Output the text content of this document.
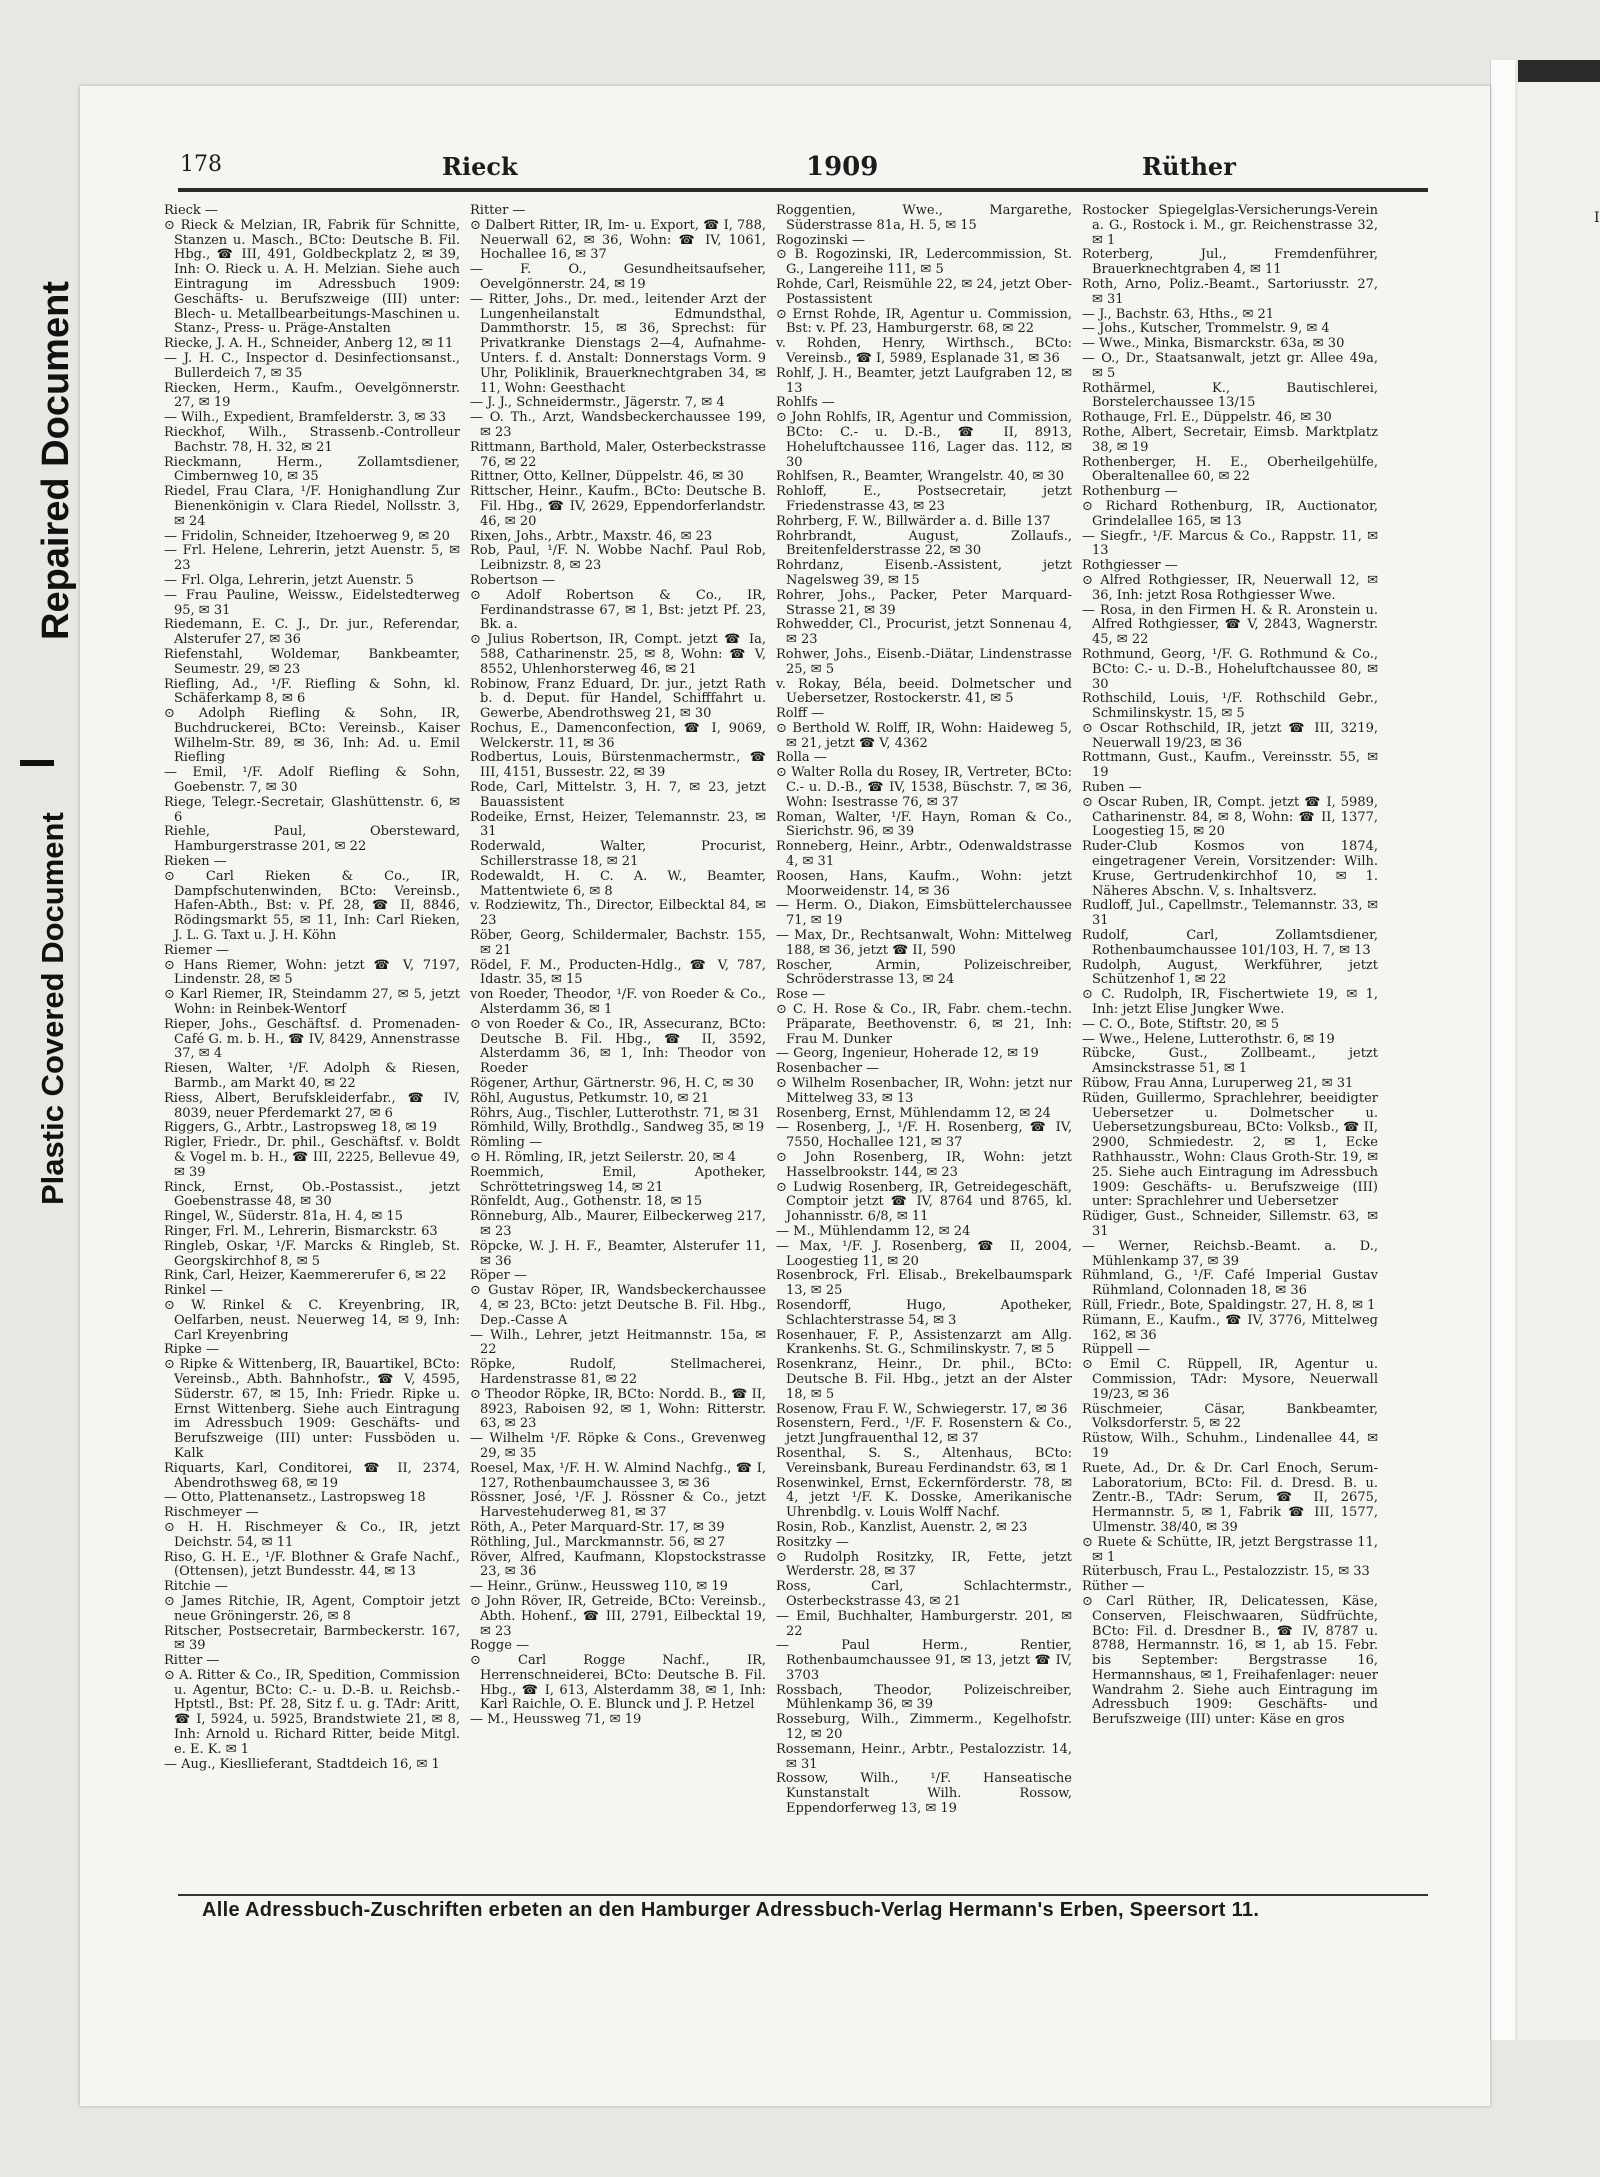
Repaired Document
Plastic Covered Document
I
178	Rieck	1909	Rüther

Rieck —

⊙ Rieck & Melzian, IR, Fabrik für Schnitte, Stanzen u. Masch., BCto: Deutsche B. Fil. Hbg., ☎ III, 491, Goldbeckplatz 2, ✉ 39, Inh: O. Rieck u. A. H. Melzian. Siehe auch Eintragung im Adressbuch 1909: Geschäfts- u. Berufszweige (III) unter: Blech- u. Metallbearbeitungs-Maschinen u. Stanz-, Press- u. Präge-Anstalten

Riecke, J. A. H., Schneider, Anberg 12, ✉ 11

— J. H. C., Inspector d. Desinfectionsanst., Bullerdeich 7, ✉ 35

Riecken, Herm., Kaufm., Oevelgönnerstr. 27, ✉ 19

— Wilh., Expedient, Bramfelderstr. 3, ✉ 33

Rieckhof, Wilh., Strassenb.-Controlleur Bachstr. 78, H. 32, ✉ 21

Rieckmann, Herm., Zollamtsdiener, Cimbernweg 10, ✉ 35

Riedel, Frau Clara, ¹/F. Honighandlung Zur Bienenkönigin v. Clara Riedel, Nollsstr. 3, ✉ 24

— Fridolin, Schneider, Itzehoerweg 9, ✉ 20

— Frl. Helene, Lehrerin, jetzt Auenstr. 5, ✉ 23

— Frl. Olga, Lehrerin, jetzt Auenstr. 5

— Frau Pauline, Weissw., Eidelstedterweg 95, ✉ 31

Riedemann, E. C. J., Dr. jur., Referendar, Alsterufer 27, ✉ 36

Riefenstahl, Woldemar, Bankbeamter, Seumestr. 29, ✉ 23

Riefling, Ad., ¹/F. Riefling & Sohn, kl. Schäferkamp 8, ✉ 6

⊙ Adolph Riefling & Sohn, IR, Buchdruckerei, BCto: Vereinsb., Kaiser Wilhelm-Str. 89, ✉ 36, Inh: Ad. u. Emil Riefling

— Emil, ¹/F. Adolf Riefling & Sohn, Goebenstr. 7, ✉ 30

Riege, Telegr.-Secretair, Glashüttenstr. 6, ✉ 6

Riehle, Paul, Obersteward, Hamburgerstrasse 201, ✉ 22

Rieken —

⊙ Carl Rieken & Co., IR, Dampfschutenwinden, BCto: Vereinsb., Hafen-Abth., Bst: v. Pf. 28, ☎ II, 8846, Rödingsmarkt 55, ✉ 11, Inh: Carl Rieken, J. L. G. Taxt u. J. H. Köhn

Riemer —

⊙ Hans Riemer, Wohn: jetzt ☎ V, 7197, Lindenstr. 28, ✉ 5

⊙ Karl Riemer, IR, Steindamm 27, ✉ 5, jetzt Wohn: in Reinbek-Wentorf

Rieper, Johs., Geschäftsf. d. Promenaden-Café G. m. b. H., ☎ IV, 8429, Annenstrasse 37, ✉ 4

Riesen, Walter, ¹/F. Adolph & Riesen, Barmb., am Markt 40, ✉ 22

Riess, Albert, Berufskleiderfabr., ☎ IV, 8039, neuer Pferdemarkt 27, ✉ 6

Riggers, G., Arbtr., Lastropsweg 18, ✉ 19

Rigler, Friedr., Dr. phil., Geschäftsf. v. Boldt & Vogel m. b. H., ☎ III, 2225, Bellevue 49, ✉ 39

Rinck, Ernst, Ob.-Postassist., jetzt Goebenstrasse 48, ✉ 30

Ringel, W., Süderstr. 81a, H. 4, ✉ 15

Ringer, Frl. M., Lehrerin, Bismarckstr. 63

Ringleb, Oskar, ¹/F. Marcks & Ringleb, St. Georgskirchhof 8, ✉ 5

Rink, Carl, Heizer, Kaemmererufer 6, ✉ 22

Rinkel —

⊙ W. Rinkel & C. Kreyenbring, IR, Oelfarben, neust. Neuerweg 14, ✉ 9, Inh: Carl Kreyenbring

Ripke —

⊙ Ripke & Wittenberg, IR, Bauartikel, BCto: Vereinsb., Abth. Bahnhofstr., ☎ V, 4595, Süderstr. 67, ✉ 15, Inh: Friedr. Ripke u. Ernst Wittenberg. Siehe auch Eintragung im Adressbuch 1909: Geschäfts- und Berufszweige (III) unter: Fussböden u. Kalk

Riquarts, Karl, Conditorei, ☎ II, 2374, Abendrothsweg 68, ✉ 19

— Otto, Plattenansetz., Lastropsweg 18

Rischmeyer —

⊙ H. H. Rischmeyer & Co., IR, jetzt Deichstr. 54, ✉ 11

Riso, G. H. E., ¹/F. Blothner & Grafe Nachf., (Ottensen), jetzt Bundesstr. 44, ✉ 13

Ritchie —

⊙ James Ritchie, IR, Agent, Comptoir jetzt neue Gröningerstr. 26, ✉ 8

Ritscher, Postsecretair, Barmbeckerstr. 167, ✉ 39

Ritter —

⊙ A. Ritter & Co., IR, Spedition, Commission u. Agentur, BCto: C.- u. D.-B. u. Reichsb.-Hptstl., Bst: Pf. 28, Sitz f. u. g. TAdr: Aritt, ☎ I, 5924, u. 5925, Brandstwiete 21, ✉ 8, Inh: Arnold u. Richard Ritter, beide Mitgl. e. E. K. ✉ 1

— Aug., Kiesllieferant, Stadtdeich 16, ✉ 1

Ritter —

⊙ Dalbert Ritter, IR, Im- u. Export, ☎ I, 788, Neuerwall 62, ✉ 36, Wohn: ☎ IV, 1061, Hochallee 16, ✉ 37

— F. O., Gesundheitsaufseher, Oevelgönnerstr. 24, ✉ 19

— Ritter, Johs., Dr. med., leitender Arzt der Lungenheilanstalt Edmundsthal, Dammthorstr. 15, ✉ 36, Sprechst: für Privatkranke Dienstags 2—4, Aufnahme-Unters. f. d. Anstalt: Donnerstags Vorm. 9 Uhr, Poliklinik, Brauerknechtgraben 34, ✉ 11, Wohn: Geesthacht

— J. J., Schneidermstr., Jägerstr. 7, ✉ 4

— O. Th., Arzt, Wandsbeckerchaussee 199, ✉ 23

Rittmann, Barthold, Maler, Osterbeckstrasse 76, ✉ 22

Rittner, Otto, Kellner, Düppelstr. 46, ✉ 30

Rittscher, Heinr., Kaufm., BCto: Deutsche B. Fil. Hbg., ☎ IV, 2629, Eppendorferlandstr. 46, ✉ 20

Rixen, Johs., Arbtr., Maxstr. 46, ✉ 23

Rob, Paul, ¹/F. N. Wobbe Nachf. Paul Rob, Leibnizstr. 8, ✉ 23

Robertson —

⊙ Adolf Robertson & Co., IR, Ferdinandstrasse 67, ✉ 1, Bst: jetzt Pf. 23, Bk. a.

⊙ Julius Robertson, IR, Compt. jetzt ☎ Ia, 588, Catharinenstr. 25, ✉ 8, Wohn: ☎ V, 8552, Uhlenhorsterweg 46, ✉ 21

Robinow, Franz Eduard, Dr. jur., jetzt Rath b. d. Deput. für Handel, Schifffahrt u. Gewerbe, Abendrothsweg 21, ✉ 30

Rochus, E., Damenconfection, ☎ I, 9069, Welckerstr. 11, ✉ 36

Rodbertus, Louis, Bürstenmachermstr., ☎ III, 4151, Bussestr. 22, ✉ 39

Rode, Carl, Mittelstr. 3, H. 7, ✉ 23, jetzt Bauassistent

Rodeike, Ernst, Heizer, Telemannstr. 23, ✉ 31

Roderwald, Walter, Procurist, Schillerstrasse 18, ✉ 21

Rodewaldt, H. C. A. W., Beamter, Mattentwiete 6, ✉ 8

v. Rodziewitz, Th., Director, Eilbecktal 84, ✉ 23

Röber, Georg, Schildermaler, Bachstr. 155, ✉ 21

Rödel, F. M., Producten-Hdlg., ☎ V, 787, Idastr. 35, ✉ 15

von Roeder, Theodor, ¹/F. von Roeder & Co., Alsterdamm 36, ✉ 1

⊙ von Roeder & Co., IR, Assecuranz, BCto: Deutsche B. Fil. Hbg., ☎ II, 3592, Alsterdamm 36, ✉ 1, Inh: Theodor von Roeder

Rögener, Arthur, Gärtnerstr. 96, H. C, ✉ 30

Röhl, Augustus, Petkumstr. 10, ✉ 21

Röhrs, Aug., Tischler, Lutterothstr. 71, ✉ 31

Römhild, Willy, Brothdlg., Sandweg 35, ✉ 19

Römling —

⊙ H. Römling, IR, jetzt Seilerstr. 20, ✉ 4

Roemmich, Emil, Apotheker, Schröttetringsweg 14, ✉ 21

Rönfeldt, Aug., Gothenstr. 18, ✉ 15

Rönneburg, Alb., Maurer, Eilbeckerweg 217, ✉ 23

Röpcke, W. J. H. F., Beamter, Alsterufer 11, ✉ 36

Röper —

⊙ Gustav Röper, IR, Wandsbeckerchaussee 4, ✉ 23, BCto: jetzt Deutsche B. Fil. Hbg., Dep.-Casse A

— Wilh., Lehrer, jetzt Heitmannstr. 15a, ✉ 22

Röpke, Rudolf, Stellmacherei, Hardenstrasse 81, ✉ 22

⊙ Theodor Röpke, IR, BCto: Nordd. B., ☎ II, 8923, Raboisen 92, ✉ 1, Wohn: Ritterstr. 63, ✉ 23

— Wilhelm ¹/F. Röpke & Cons., Grevenweg 29, ✉ 35

Roesel, Max, ¹/F. H. W. Almind Nachfg., ☎ I, 127, Rothenbaumchaussee 3, ✉ 36

Rössner, José, ¹/F. J. Rössner & Co., jetzt Harvestehuderweg 81, ✉ 37

Röth, A., Peter Marquard-Str. 17, ✉ 39

Röthling, Jul., Marckmannstr. 56, ✉ 27

Röver, Alfred, Kaufmann, Klopstockstrasse 23, ✉ 36

— Heinr., Grünw., Heussweg 110, ✉ 19

⊙ John Röver, IR, Getreide, BCto: Vereinsb., Abth. Hohenf., ☎ III, 2791, Eilbecktal 19, ✉ 23

Rogge —

⊙ Carl Rogge Nachf., IR, Herrenschneiderei, BCto: Deutsche B. Fil. Hbg., ☎ I, 613, Alsterdamm 38, ✉ 1, Inh: Karl Raichle, O. E. Blunck und J. P. Hetzel

— M., Heussweg 71, ✉ 19

Roggentien, Wwe., Margarethe, Süderstrasse 81a, H. 5, ✉ 15

Rogozinski —

⊙ B. Rogozinski, IR, Ledercommission, St. G., Langereihe 111, ✉ 5

Rohde, Carl, Reismühle 22, ✉ 24, jetzt Ober-Postassistent

⊙ Ernst Rohde, IR, Agentur u. Commission, Bst: v. Pf. 23, Hamburgerstr. 68, ✉ 22

v. Rohden, Henry, Wirthsch., BCto: Vereinsb., ☎ I, 5989, Esplanade 31, ✉ 36

Rohlf, J. H., Beamter, jetzt Laufgraben 12, ✉ 13

Rohlfs —

⊙ John Rohlfs, IR, Agentur und Commission, BCto: C.- u. D.-B., ☎ II, 8913, Hoheluftchaussee 116, Lager das. 112, ✉ 30

Rohlfsen, R., Beamter, Wrangelstr. 40, ✉ 30

Rohloff, E., Postsecretair, jetzt Friedenstrasse 43, ✉ 23

Rohrberg, F. W., Billwärder a. d. Bille 137

Rohrbrandt, August, Zollaufs., Breitenfelderstrasse 22, ✉ 30

Rohrdanz, Eisenb.-Assistent, jetzt Nagelsweg 39, ✉ 15

Rohrer, Johs., Packer, Peter Marquard-Strasse 21, ✉ 39

Rohwedder, Cl., Procurist, jetzt Sonnenau 4, ✉ 23

Rohwer, Johs., Eisenb.-Diätar, Lindenstrasse 25, ✉ 5

v. Rokay, Béla, beeid. Dolmetscher und Uebersetzer, Rostockerstr. 41, ✉ 5

Rolff —

⊙ Berthold W. Rolff, IR, Wohn: Haideweg 5, ✉ 21, jetzt ☎ V, 4362

Rolla —

⊙ Walter Rolla du Rosey, IR, Vertreter, BCto: C.- u. D.-B., ☎ IV, 1538, Büschstr. 7, ✉ 36, Wohn: Isestrasse 76, ✉ 37

Roman, Walter, ¹/F. Hayn, Roman & Co., Sierichstr. 96, ✉ 39

Ronneberg, Heinr., Arbtr., Odenwaldstrasse 4, ✉ 31

Roosen, Hans, Kaufm., Wohn: jetzt Moorweidenstr. 14, ✉ 36

— Herm. O., Diakon, Eimsbüttelerchaussee 71, ✉ 19

— Max, Dr., Rechtsanwalt, Wohn: Mittelweg 188, ✉ 36, jetzt ☎ II, 590

Roscher, Armin, Polizeischreiber, Schröderstrasse 13, ✉ 24

Rose —

⊙ C. H. Rose & Co., IR, Fabr. chem.-techn. Präparate, Beethovenstr. 6, ✉ 21, Inh: Frau M. Dunker

— Georg, Ingenieur, Hoherade 12, ✉ 19

Rosenbacher —

⊙ Wilhelm Rosenbacher, IR, Wohn: jetzt nur Mittelweg 33, ✉ 13

Rosenberg, Ernst, Mühlendamm 12, ✉ 24

— Rosenberg, J., ¹/F. H. Rosenberg, ☎ IV, 7550, Hochallee 121, ✉ 37

⊙ John Rosenberg, IR, Wohn: jetzt Hasselbrookstr. 144, ✉ 23

⊙ Ludwig Rosenberg, IR, Getreidegeschäft, Comptoir jetzt ☎ IV, 8764 und 8765, kl. Johannisstr. 6/8, ✉ 11

— M., Mühlendamm 12, ✉ 24

— Max, ¹/F. J. Rosenberg, ☎ II, 2004, Loogestieg 11, ✉ 20

Rosenbrock, Frl. Elisab., Brekelbaumspark 13, ✉ 25

Rosendorff, Hugo, Apotheker, Schlachterstrasse 54, ✉ 3

Rosenhauer, F. P., Assistenzarzt am Allg. Krankenhs. St. G., Schmilinskystr. 7, ✉ 5

Rosenkranz, Heinr., Dr. phil., BCto: Deutsche B. Fil. Hbg., jetzt an der Alster 18, ✉ 5

Rosenow, Frau F. W., Schwiegerstr. 17, ✉ 36

Rosenstern, Ferd., ¹/F. F. Rosenstern & Co., jetzt Jungfrauenthal 12, ✉ 37

Rosenthal, S. S., Altenhaus, BCto: Vereinsbank, Bureau Ferdinandstr. 63, ✉ 1

Rosenwinkel, Ernst, Eckernförderstr. 78, ✉ 4, jetzt ¹/F. K. Dosske, Amerikanische Uhrenbdlg. v. Louis Wolff Nachf.

Rosin, Rob., Kanzlist, Auenstr. 2, ✉ 23

Rositzky —

⊙ Rudolph Rositzky, IR, Fette, jetzt Werderstr. 28, ✉ 37

Ross, Carl, Schlachtermstr., Osterbeckstrasse 43, ✉ 21

— Emil, Buchhalter, Hamburgerstr. 201, ✉ 22

— Paul Herm., Rentier, Rothenbaumchaussee 91, ✉ 13, jetzt ☎ IV, 3703

Rossbach, Theodor, Polizeischreiber, Mühlenkamp 36, ✉ 39

Rosseburg, Wilh., Zimmerm., Kegelhofstr. 12, ✉ 20

Rossemann, Heinr., Arbtr., Pestalozzistr. 14, ✉ 31

Rossow, Wilh., ¹/F. Hanseatische Kunstanstalt Wilh. Rossow, Eppendorferweg 13, ✉ 19

Rostocker Spiegelglas-Versicherungs-Verein a. G., Rostock i. M., gr. Reichenstrasse 32, ✉ 1

Roterberg, Jul., Fremdenführer, Brauerknechtgraben 4, ✉ 11

Roth, Arno, Poliz.-Beamt., Sartoriusstr. 27, ✉ 31

— J., Bachstr. 63, Hths., ✉ 21

— Johs., Kutscher, Trommelstr. 9, ✉ 4

— Wwe., Minka, Bismarckstr. 63a, ✉ 30

— O., Dr., Staatsanwalt, jetzt gr. Allee 49a, ✉ 5

Rothärmel, K., Bautischlerei, Borstelerchaussee 13/15

Rothauge, Frl. E., Düppelstr. 46, ✉ 30

Rothe, Albert, Secretair, Eimsb. Marktplatz 38, ✉ 19

Rothenberger, H. E., Oberheilgehülfe, Oberaltenallee 60, ✉ 22

Rothenburg —

⊙ Richard Rothenburg, IR, Auctionator, Grindelallee 165, ✉ 13

— Siegfr., ¹/F. Marcus & Co., Rappstr. 11, ✉ 13

Rothgiesser —

⊙ Alfred Rothgiesser, IR, Neuerwall 12, ✉ 36, Inh: jetzt Rosa Rothgiesser Wwe.

— Rosa, in den Firmen H. & R. Aronstein u. Alfred Rothgiesser, ☎ V, 2843, Wagnerstr. 45, ✉ 22

Rothmund, Georg, ¹/F. G. Rothmund & Co., BCto: C.- u. D.-B., Hoheluftchaussee 80, ✉ 30

Rothschild, Louis, ¹/F. Rothschild Gebr., Schmilinskystr. 15, ✉ 5

⊙ Oscar Rothschild, IR, jetzt ☎ III, 3219, Neuerwall 19/23, ✉ 36

Rottmann, Gust., Kaufm., Vereinsstr. 55, ✉ 19

Ruben —

⊙ Oscar Ruben, IR, Compt. jetzt ☎ I, 5989, Catharinenstr. 84, ✉ 8, Wohn: ☎ II, 1377, Loogestieg 15, ✉ 20

Ruder-Club Kosmos von 1874, eingetragener Verein, Vorsitzender: Wilh. Kruse, Gertrudenkirchhof 10, ✉ 1. Näheres Abschn. V, s. Inhaltsverz.

Rudloff, Jul., Capellmstr., Telemannstr. 33, ✉ 31

Rudolf, Carl, Zollamtsdiener, Rothenbaumchaussee 101/103, H. 7, ✉ 13

Rudolph, August, Werkführer, jetzt Schützenhof 1, ✉ 22

⊙ C. Rudolph, IR, Fischertwiete 19, ✉ 1, Inh: jetzt Elise Jungker Wwe.

— C. O., Bote, Stiftstr. 20, ✉ 5

— Wwe., Helene, Lutterothstr. 6, ✉ 19

Rübcke, Gust., Zollbeamt., jetzt Amsinckstrasse 51, ✉ 1

Rübow, Frau Anna, Luruperweg 21, ✉ 31

Rüden, Guillermo, Sprachlehrer, beeidigter Uebersetzer u. Dolmetscher u. Uebersetzungsbureau, BCto: Volksb., ☎ II, 2900, Schmiedestr. 2, ✉ 1, Ecke Rathhausstr., Wohn: Claus Groth-Str. 19, ✉ 25. Siehe auch Eintragung im Adressbuch 1909: Geschäfts- u. Berufszweige (III) unter: Sprachlehrer und Uebersetzer

Rüdiger, Gust., Schneider, Sillemstr. 63, ✉ 31

— Werner, Reichsb.-Beamt. a. D., Mühlenkamp 37, ✉ 39

Rühmland, G., ¹/F. Café Imperial Gustav Rühmland, Colonnaden 18, ✉ 36

Rüll, Friedr., Bote, Spaldingstr. 27, H. 8, ✉ 1

Rümann, E., Kaufm., ☎ IV, 3776, Mittelweg 162, ✉ 36

Rüppell —

⊙ Emil C. Rüppell, IR, Agentur u. Commission, TAdr: Mysore, Neuerwall 19/23, ✉ 36

Rüschmeier, Cäsar, Bankbeamter, Volksdorferstr. 5, ✉ 22

Rüstow, Wilh., Schuhm., Lindenallee 44, ✉ 19

Ruete, Ad., Dr. & Dr. Carl Enoch, Serum-Laboratorium, BCto: Fil. d. Dresd. B. u. Zentr.-B., TAdr: Serum, ☎ II, 2675, Hermannstr. 5, ✉ 1, Fabrik ☎ III, 1577, Ulmenstr. 38/40, ✉ 39

⊙ Ruete & Schütte, IR, jetzt Bergstrasse 11, ✉ 1

Rüterbusch, Frau L., Pestalozzistr. 15, ✉ 33

Rüther —

⊙ Carl Rüther, IR, Delicatessen, Käse, Conserven, Fleischwaaren, Südfrüchte, BCto: Fil. d. Dresdner B., ☎ IV, 8787 u. 8788, Hermannstr. 16, ✉ 1, ab 15. Febr. bis September: Bergstrasse 16, Hermannshaus, ✉ 1, Freihafenlager: neuer Wandrahm 2. Siehe auch Eintragung im Adressbuch 1909: Geschäfts- und Berufszweige (III) unter: Käse en gros

Alle Adressbuch-Zuschriften erbeten an den Hamburger Adressbuch-Verlag Hermann's Erben, Speersort 11.
